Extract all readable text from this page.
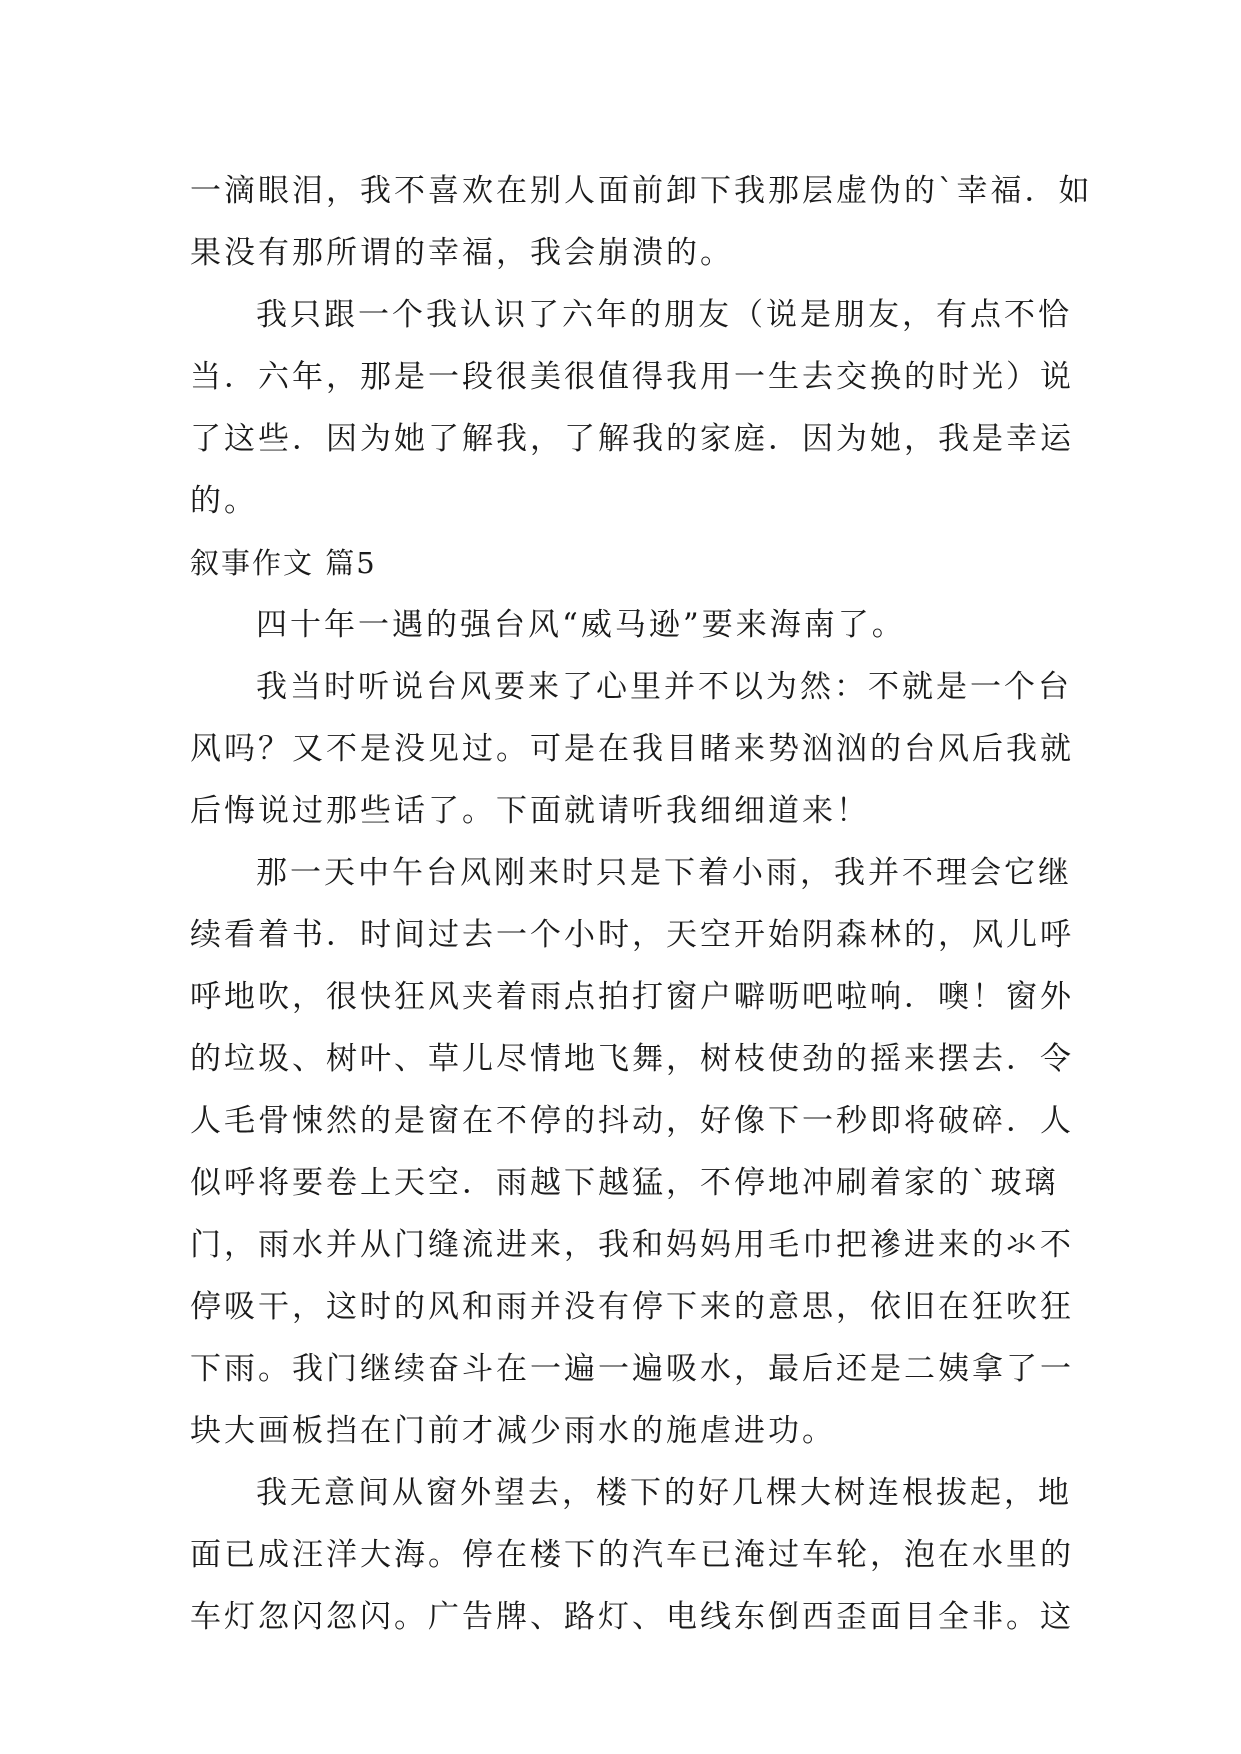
一滴眼泪，我不喜欢在别人面前卸下我那层虚伪的`幸福．如
果没有那所谓的幸福，我会崩溃的。
我只跟一个我认识了六年的朋友（说是朋友，有点不恰
当．六年，那是一段很美很值得我用一生去交换的时光）说
了这些．因为她了解我，了解我的家庭．因为她，我是幸运
的。
叙事作文 篇5
四十年一遇的强台风“威马逊”要来海南了。
我当时听说台风要来了心里并不以为然：不就是一个台
风吗？又不是没见过。可是在我目睹来势汹汹的台风后我就
后悔说过那些话了。下面就请听我细细道来！
那一天中午台风刚来时只是下着小雨，我并不理会它继
续看着书．时间过去一个小时，天空开始阴森林的，风儿呼
呼地吹，很快狂风夹着雨点拍打窗户噼呖吧啦响．噢！窗外
的垃圾、树叶、草儿尽情地飞舞，树枝使劲的摇来摆去．令
人毛骨悚然的是窗在不停的抖动，好像下一秒即将破碎．人
似呼将要卷上天空．雨越下越猛，不停地冲刷着家的`玻璃
门，雨水并从门缝流进来，我和妈妈用毛巾把襂进来的氺不
停吸干，这时的风和雨并没有停下来的意思，依旧在狂吹狂
下雨。我门继续奋斗在一遍一遍吸水，最后还是二姨拿了一
块大画板挡在门前才减少雨水的施虐进功。
我无意间从窗外望去，楼下的好几棵大树连根拔起，地
面已成汪洋大海。停在楼下的汽车已淹过车轮，泡在水里的
车灯忽闪忽闪。广告牌、路灯、电线东倒西歪面目全非。这
